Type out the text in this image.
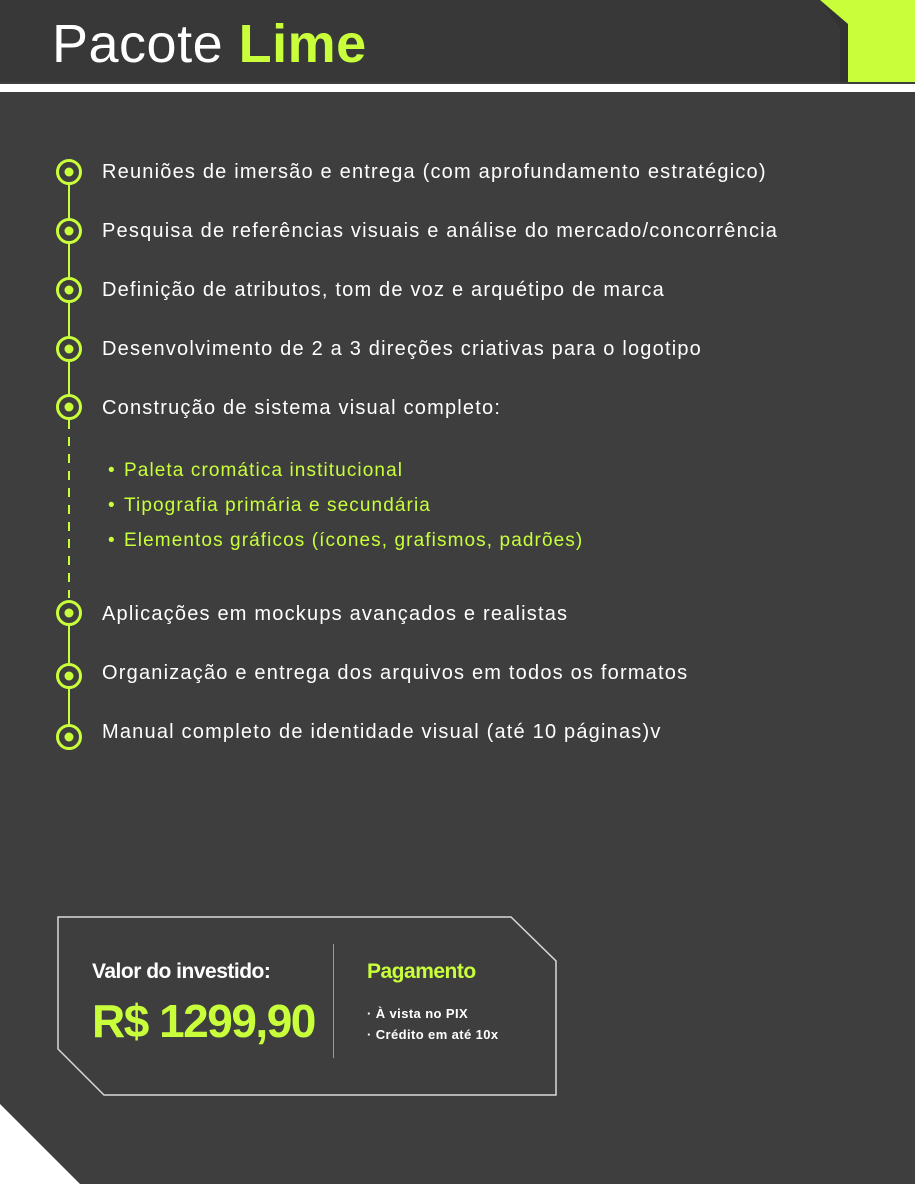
Pacote Lime

Reuniões de imersão e entrega (com aprofundamento estratégico)

Pesquisa de referências visuais e análise do mercado/concorrência

Definição de atributos, tom de voz e arquétipo de marca

Desenvolvimento de 2 a 3 direções criativas para o logotipo

Construção de sistema visual completo:

• Paleta cromática institucional

• Tipografia primária e secundária

• Elementos gráficos (ícones, grafismos, padrões)

Aplicações em mockups avançados e realistas

Organização e entrega dos arquivos em todos os formatos

Manual completo de identidade visual (até 10 páginas)v

Valor do investido:

R$ 1299,90

Pagamento

· À vista no PIX

· Crédito em até 10x
